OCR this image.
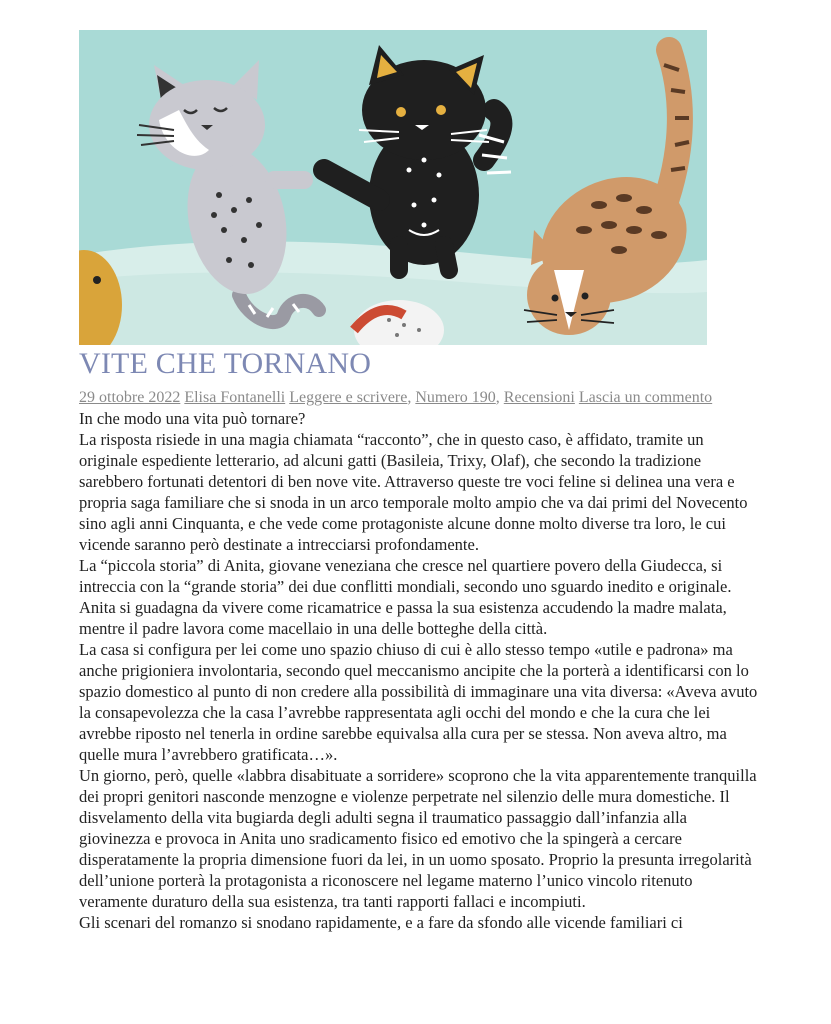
VITE CHE TORNANO
29 ottobre 2022 Elisa Fontanelli Leggere e scrivere, Numero 190, Recensioni Lascia un commento

In che modo una vita può tornare?

La risposta risiede in una magia chiamata “racconto”, che in questo caso, è affidato, tramite un originale espediente letterario, ad alcuni gatti (Basileia, Trixy, Olaf), che secondo la tradizione sarebbero fortunati detentori di ben nove vite. Attraverso queste tre voci feline si delinea una vera e propria saga familiare che si snoda in un arco temporale molto ampio che va dai primi del Novecento sino agli anni Cinquanta, e che vede come protagoniste alcune donne molto diverse tra loro, le cui vicende saranno però destinate a intrecciarsi profondamente.

La “piccola storia” di Anita, giovane veneziana che cresce nel quartiere povero della Giudecca, si intreccia con la “grande storia” dei due conflitti mondiali, secondo uno sguardo inedito e originale. Anita si guadagna da vivere come ricamatrice e passa la sua esistenza accudendo la madre malata, mentre il padre lavora come macellaio in una delle botteghe della città.

La casa si configura per lei come uno spazio chiuso di cui è allo stesso tempo «utile e padrona» ma anche prigioniera involontaria, secondo quel meccanismo ancipite che la porterà a identificarsi con lo spazio domestico al punto di non credere alla possibilità di immaginare una vita diversa: «Aveva avuto la consapevolezza che la casa l’avrebbe rappresentata agli occhi del mondo e che la cura che lei avrebbe riposto nel tenerla in ordine sarebbe equivalsa alla cura per se stessa. Non aveva altro, ma quelle mura l’avrebbero gratificata…».

Un giorno, però, quelle «labbra disabituate a sorridere» scoprono che la vita apparentemente tranquilla dei propri genitori nasconde menzogne e violenze perpetrate nel silenzio delle mura domestiche. Il disvelamento della vita bugiarda degli adulti segna il traumatico passaggio dall’infanzia alla giovinezza e provoca in Anita uno sradicamento fisico ed emotivo che la spingerà a cercare disperatamente la propria dimensione fuori da lei, in un uomo sposato. Proprio la presunta irregolarità dell’unione porterà la protagonista a riconoscere nel legame materno l’unico vincolo ritenuto veramente duraturo della sua esistenza, tra tanti rapporti fallaci e incompiuti.

Gli scenari del romanzo si snodano rapidamente, e a fare da sfondo alle vicende familiari ci
